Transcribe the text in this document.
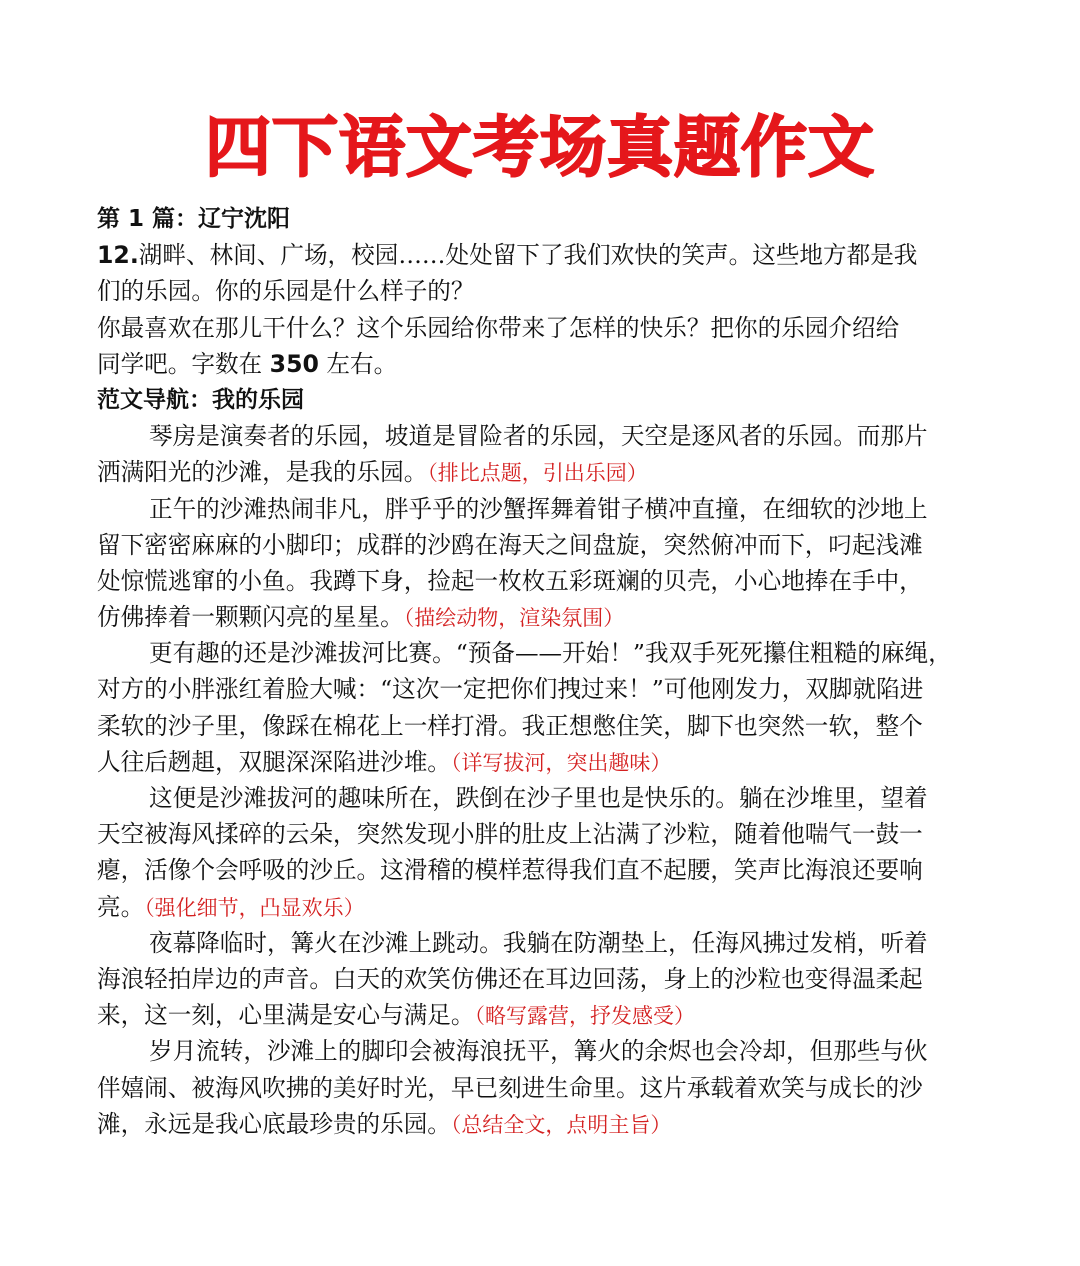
四下语文考场真题作文
第 1 篇：辽宁沈阳
12.湖畔、林间、广场，校园……处处留下了我们欢快的笑声。这些地方都是我
们的乐园。你的乐园是什么样子的？
你最喜欢在那儿干什么？这个乐园给你带来了怎样的快乐？把你的乐园介绍给
同学吧。字数在 350 左右。
范文导航：我的乐园
琴房是演奏者的乐园，坡道是冒险者的乐园，天空是逐风者的乐园。而那片
洒满阳光的沙滩，是我的乐园。（排比点题，引出乐园）
正午的沙滩热闹非凡，胖乎乎的沙蟹挥舞着钳子横冲直撞，在细软的沙地上
留下密密麻麻的小脚印；成群的沙鸥在海天之间盘旋，突然俯冲而下，叼起浅滩
处惊慌逃窜的小鱼。我蹲下身，捡起一枚枚五彩斑斓的贝壳，小心地捧在手中，
仿佛捧着一颗颗闪亮的星星。（描绘动物，渲染氛围）
更有趣的还是沙滩拔河比赛。“预备——开始！”我双手死死攥住粗糙的麻绳，
对方的小胖涨红着脸大喊：“这次一定把你们拽过来！”可他刚发力，双脚就陷进
柔软的沙子里，像踩在棉花上一样打滑。我正想憋住笑，脚下也突然一软，整个
人往后趔趄，双腿深深陷进沙堆。（详写拔河，突出趣味）
这便是沙滩拔河的趣味所在，跌倒在沙子里也是快乐的。躺在沙堆里，望着
天空被海风揉碎的云朵，突然发现小胖的肚皮上沾满了沙粒，随着他喘气一鼓一
瘪，活像个会呼吸的沙丘。这滑稽的模样惹得我们直不起腰，笑声比海浪还要响
亮。（强化细节，凸显欢乐）
夜幕降临时，篝火在沙滩上跳动。我躺在防潮垫上，任海风拂过发梢，听着
海浪轻拍岸边的声音。白天的欢笑仿佛还在耳边回荡，身上的沙粒也变得温柔起
来，这一刻，心里满是安心与满足。（略写露营，抒发感受）
岁月流转，沙滩上的脚印会被海浪抚平，篝火的余烬也会冷却，但那些与伙
伴嬉闹、被海风吹拂的美好时光，早已刻进生命里。这片承载着欢笑与成长的沙
滩，永远是我心底最珍贵的乐园。（总结全文，点明主旨）
